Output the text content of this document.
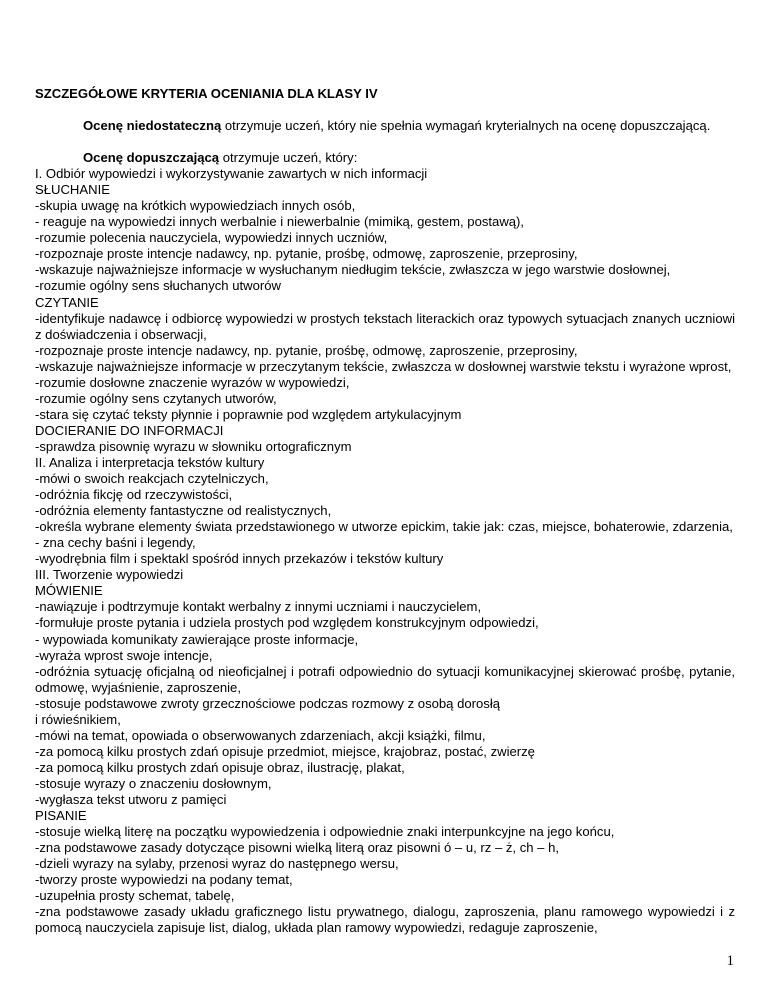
SZCZEGÓŁOWE KRYTERIA OCENIANIA DLA KLASY IV

Ocenę niedostateczną otrzymuje uczeń, który nie spełnia wymagań kryterialnych na ocenę dopuszczającą.

Ocenę dopuszczającą otrzymuje uczeń, który:

I. Odbiór wypowiedzi i wykorzystywanie zawartych w nich informacji
SŁUCHANIE
-skupia uwagę na krótkich wypowiedziach innych osób,
- reaguje na wypowiedzi innych werbalnie i niewerbalnie (mimiką, gestem, postawą),
-rozumie polecenia nauczyciela, wypowiedzi innych uczniów,
-rozpoznaje proste intencje nadawcy, np. pytanie, prośbę, odmowę, zaproszenie, przeprosiny,
-wskazuje najważniejsze informacje w wysłuchanym niedługim tekście, zwłaszcza w jego warstwie dosłownej,
-rozumie ogólny sens słuchanych utworów
CZYTANIE
-identyfikuje nadawcę i odbiorcę wypowiedzi w prostych tekstach literackich oraz typowych sytuacjach znanych uczniowi z doświadczenia i obserwacji,
-rozpoznaje proste intencje nadawcy, np. pytanie, prośbę, odmowę, zaproszenie, przeprosiny,
-wskazuje najważniejsze informacje w przeczytanym tekście, zwłaszcza w dosłownej warstwie tekstu i wyrażone wprost,
-rozumie dosłowne znaczenie wyrazów w wypowiedzi,
-rozumie ogólny sens czytanych utworów,
-stara się czytać teksty płynnie i poprawnie pod względem artykulacyjnym
DOCIERANIE DO INFORMACJI
-sprawdza pisownię wyrazu w słowniku ortograficznym
II. Analiza i interpretacja tekstów kultury
-mówi o swoich reakcjach czytelniczych,
-odróżnia fikcję od rzeczywistości,
-odróżnia elementy fantastyczne od realistycznych,
-określa wybrane elementy świata przedstawionego w utworze epickim, takie jak: czas, miejsce, bohaterowie, zdarzenia,
- zna cechy baśni i legendy,
-wyodrębnia film i spektakl spośród innych przekazów i tekstów kultury
III. Tworzenie wypowiedzi
MÓWIENIE
-nawiązuje i podtrzymuje kontakt werbalny z innymi uczniami i nauczycielem,
-formułuje proste pytania i udziela prostych pod względem konstrukcyjnym odpowiedzi,
- wypowiada komunikaty zawierające proste informacje,
-wyraża wprost swoje intencje,
-odróżnia sytuację oficjalną od nieoficjalnej i potrafi odpowiednio do sytuacji komunikacyjnej skierować prośbę, pytanie, odmowę, wyjaśnienie, zaproszenie,
-stosuje podstawowe zwroty grzecznościowe podczas rozmowy z osobą dorosłą
i rówieśnikiem,
-mówi na temat, opowiada o obserwowanych zdarzeniach, akcji książki, filmu,
-za pomocą kilku prostych zdań opisuje przedmiot, miejsce, krajobraz, postać, zwierzę
-za pomocą kilku prostych zdań opisuje obraz, ilustrację, plakat,
-stosuje wyrazy o znaczeniu dosłownym,
-wygłasza tekst utworu z pamięci
PISANIE
-stosuje wielką literę na początku wypowiedzenia i odpowiednie znaki interpunkcyjne na jego końcu,
-zna podstawowe zasady dotyczące pisowni wielką literą oraz pisowni ó – u, rz – ż, ch – h,
-dzieli wyrazy na sylaby, przenosi wyraz do następnego wersu,
-tworzy proste wypowiedzi na podany temat,
-uzupełnia prosty schemat, tabelę,
-zna podstawowe zasady układu graficznego listu prywatnego, dialogu, zaproszenia, planu ramowego wypowiedzi i z pomocą nauczyciela zapisuje list, dialog, układa plan ramowy wypowiedzi, redaguje zaproszenie,
1
